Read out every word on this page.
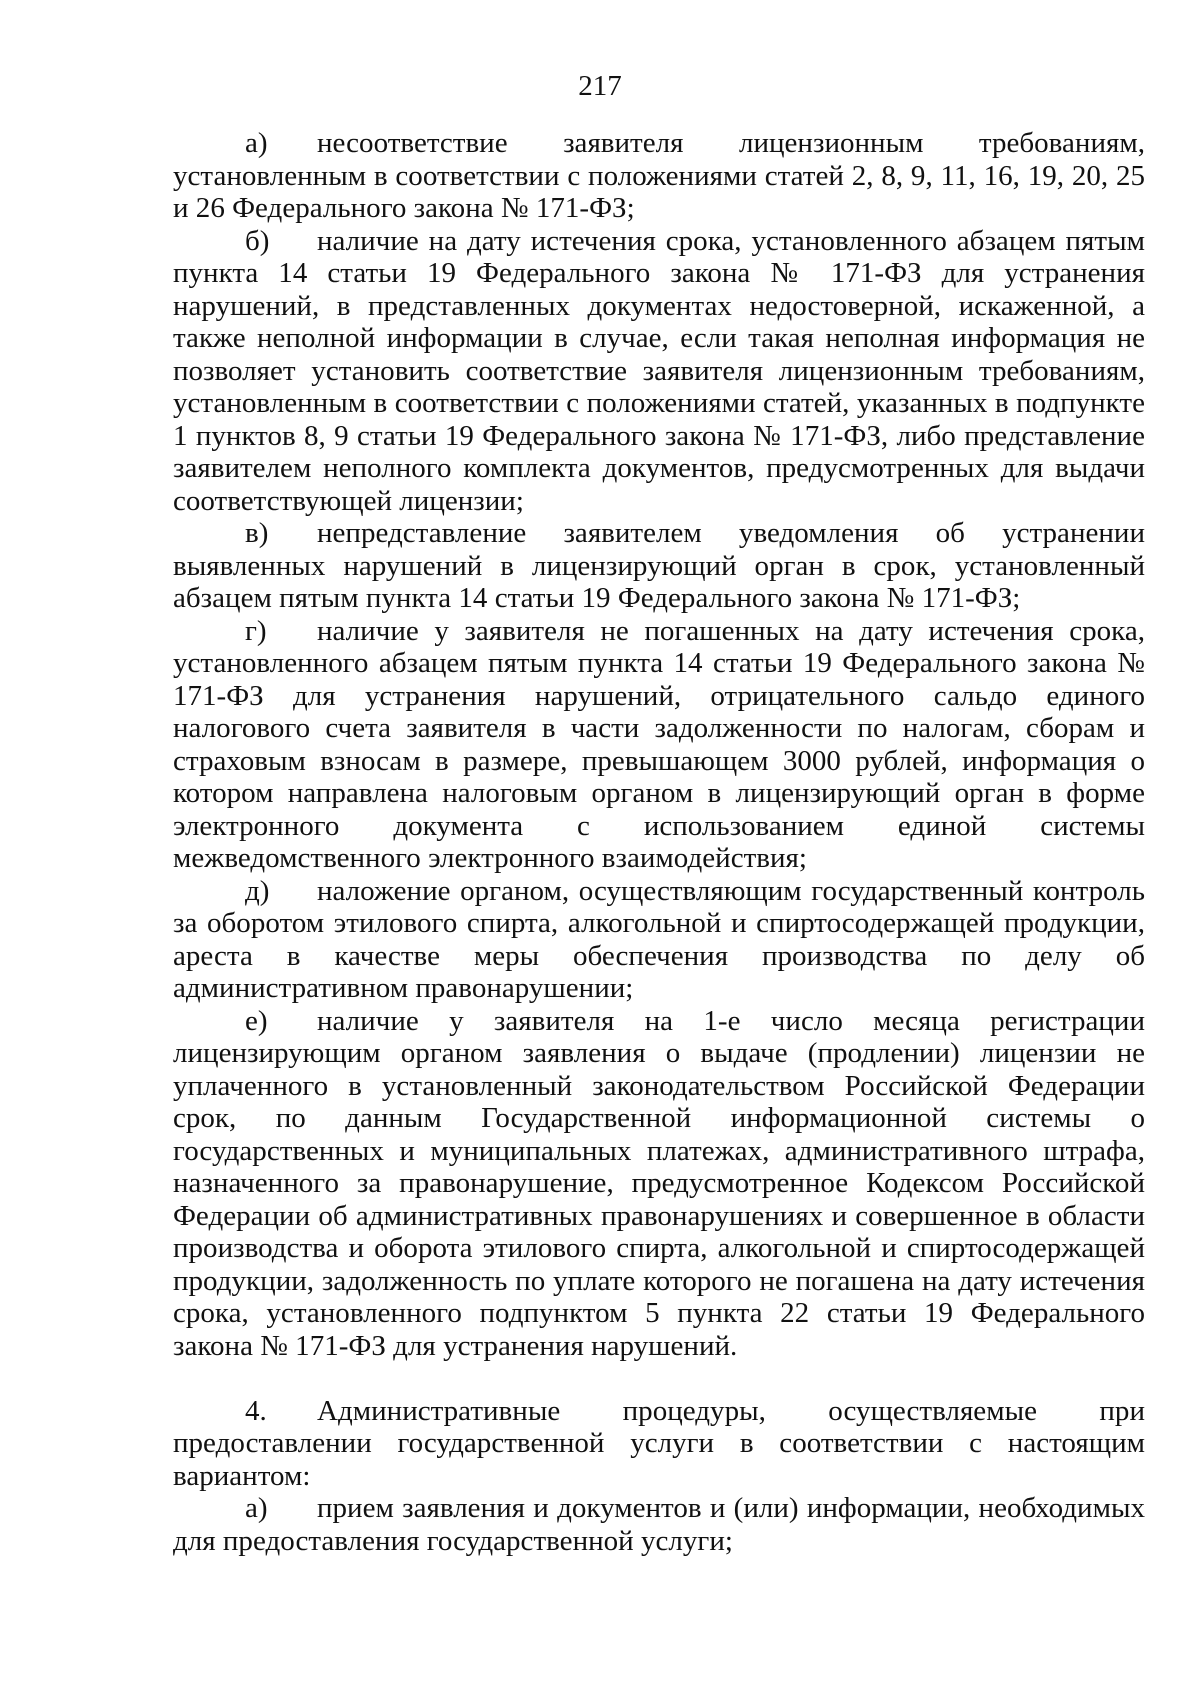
217

а) несоответствие заявителя лицензионным требованиям, установленным в соответствии с положениями статей 2, 8, 9, 11, 16, 19, 20, 25 и 26 Федерального закона № 171-ФЗ;

б) наличие на дату истечения срока, установленного абзацем пятым пункта 14 статьи 19 Федерального закона № 171-ФЗ для устранения нарушений, в представленных документах недостоверной, искаженной, а также неполной информации в случае, если такая неполная информация не позволяет установить соответствие заявителя лицензионным требованиям, установленным в соответствии с положениями статей, указанных в подпункте 1 пунктов 8, 9 статьи 19 Федерального закона № 171-ФЗ, либо представление заявителем неполного комплекта документов, предусмотренных для выдачи соответствующей лицензии;

в) непредставление заявителем уведомления об устранении выявленных нарушений в лицензирующий орган в срок, установленный абзацем пятым пункта 14 статьи 19 Федерального закона № 171-ФЗ;

г) наличие у заявителя не погашенных на дату истечения срока, установленного абзацем пятым пункта 14 статьи 19 Федерального закона № 171-ФЗ для устранения нарушений, отрицательного сальдо единого налогового счета заявителя в части задолженности по налогам, сборам и страховым взносам в размере, превышающем 3000 рублей, информация о котором направлена налоговым органом в лицензирующий орган в форме электронного документа с использованием единой системы межведомственного электронного взаимодействия;

д) наложение органом, осуществляющим государственный контроль за оборотом этилового спирта, алкогольной и спиртосодержащей продукции, ареста в качестве меры обеспечения производства по делу об административном правонарушении;

е) наличие у заявителя на 1-е число месяца регистрации лицензирующим органом заявления о выдаче (продлении) лицензии не уплаченного в установленный законодательством Российской Федерации срок, по данным Государственной информационной системы о государственных и муниципальных платежах, административного штрафа, назначенного за правонарушение, предусмотренное Кодексом Российской Федерации об административных правонарушениях и совершенное в области производства и оборота этилового спирта, алкогольной и спиртосодержащей продукции, задолженность по уплате которого не погашена на дату истечения срока, установленного подпунктом 5 пункта 22 статьи 19 Федерального закона № 171-ФЗ для устранения нарушений.

4. Административные процедуры, осуществляемые при предоставлении государственной услуги в соответствии с настоящим вариантом:

а) прием заявления и документов и (или) информации, необходимых для предоставления государственной услуги;
